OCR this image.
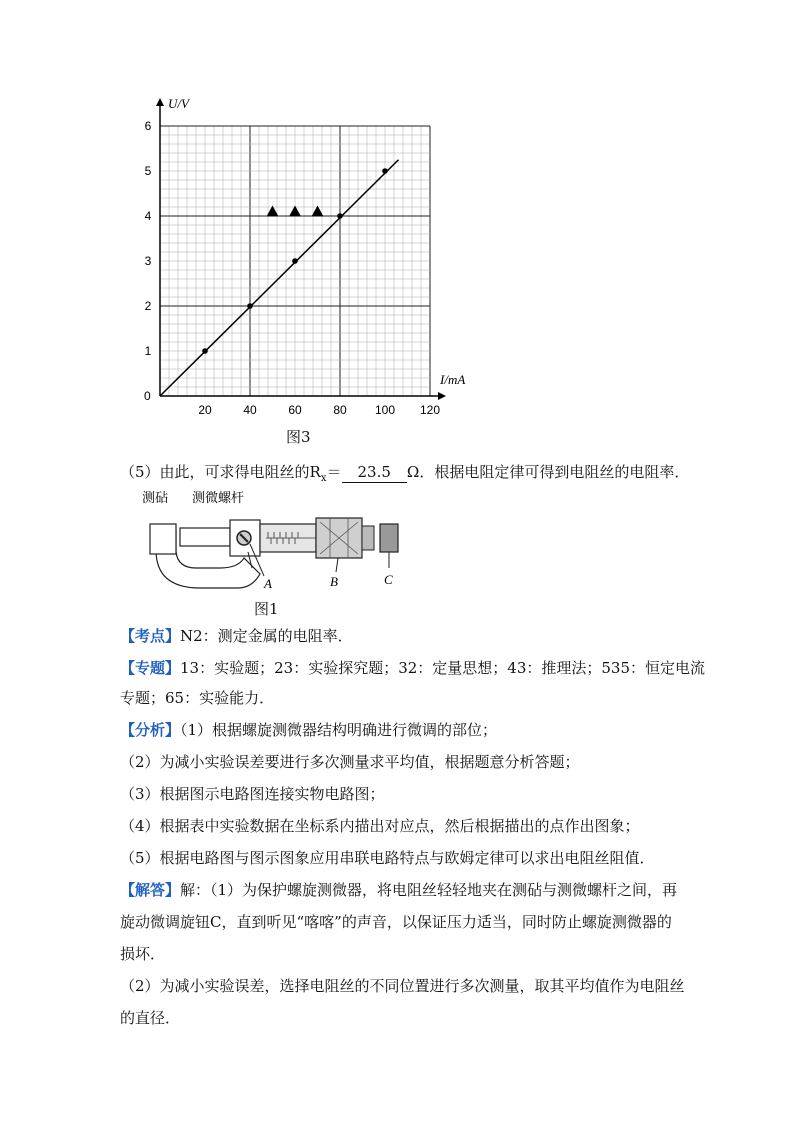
U/V
I/mA
0
20	40	60	80 100 120
1
2
3
4
5
6
图3
（5）由此，可求得电阻丝的$R_x= 23.5$ Ω．根据电阻定律可得到电阻丝的电阻率．
测砧 测微螺杆
A	B	C
图1
【考点】N2：测定金属的电阻率．
【专题】13：实验题；23：实验探究题；32：定量思想；43：推理法；535：恒定电流
专题；65：实验能力．
【分析】（1）根据螺旋测微器结构明确进行微调的部位；
（2）为减小实验误差要进行多次测量求平均值，根据题意分析答题；
（3）根据图示电路图连接实物电路图；
（4）根据表中实验数据在坐标系内描出对应点，然后根据描出的点作出图象；
（5）根据电路图与图示图象应用串联电路特点与欧姆定律可以求出电阻丝阻值．
【解答】解：（1）为保护螺旋测微器，将电阻丝轻轻地夹在测砧与测微螺杆之间，再
旋动微调旋钮C，直到听见“喀喀”的声音，以保证压力适当，同时防止螺旋测微器的
损坏．
（2）为减小实验误差，选择电阻丝的不同位置进行多次测量，取其平均值作为电阻丝
的直径．
